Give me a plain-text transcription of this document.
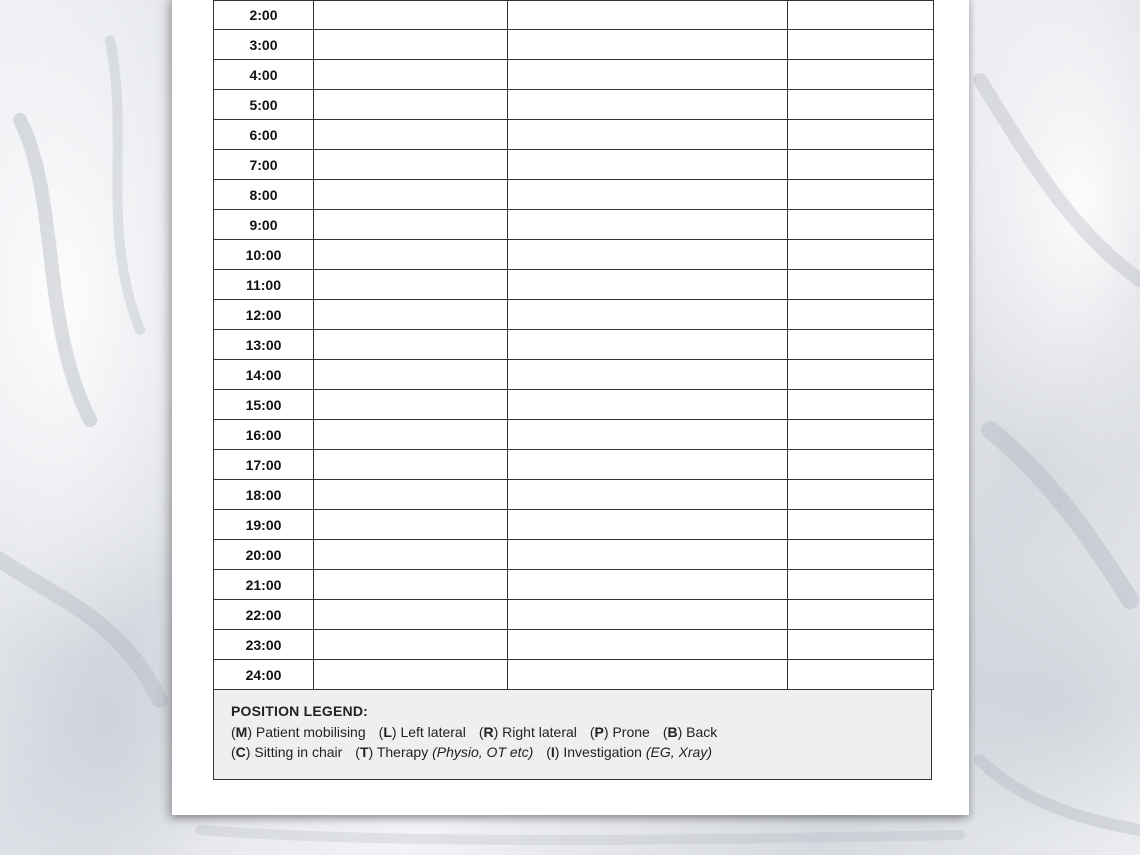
2:00
3:00
4:00
5:00
6:00
7:00
8:00
9:00
10:00
11:00
12:00
13:00
14:00
15:00
16:00
17:00
18:00
19:00
20:00
21:00
22:00
23:00
24:00
POSITION LEGEND:
(M) Patient mobilising (L) Left lateral (R) Right lateral (P) Prone (B) Back
(C) Sitting in chair (T) Therapy (Physio, OT etc) (I) Investigation (EG, Xray)
